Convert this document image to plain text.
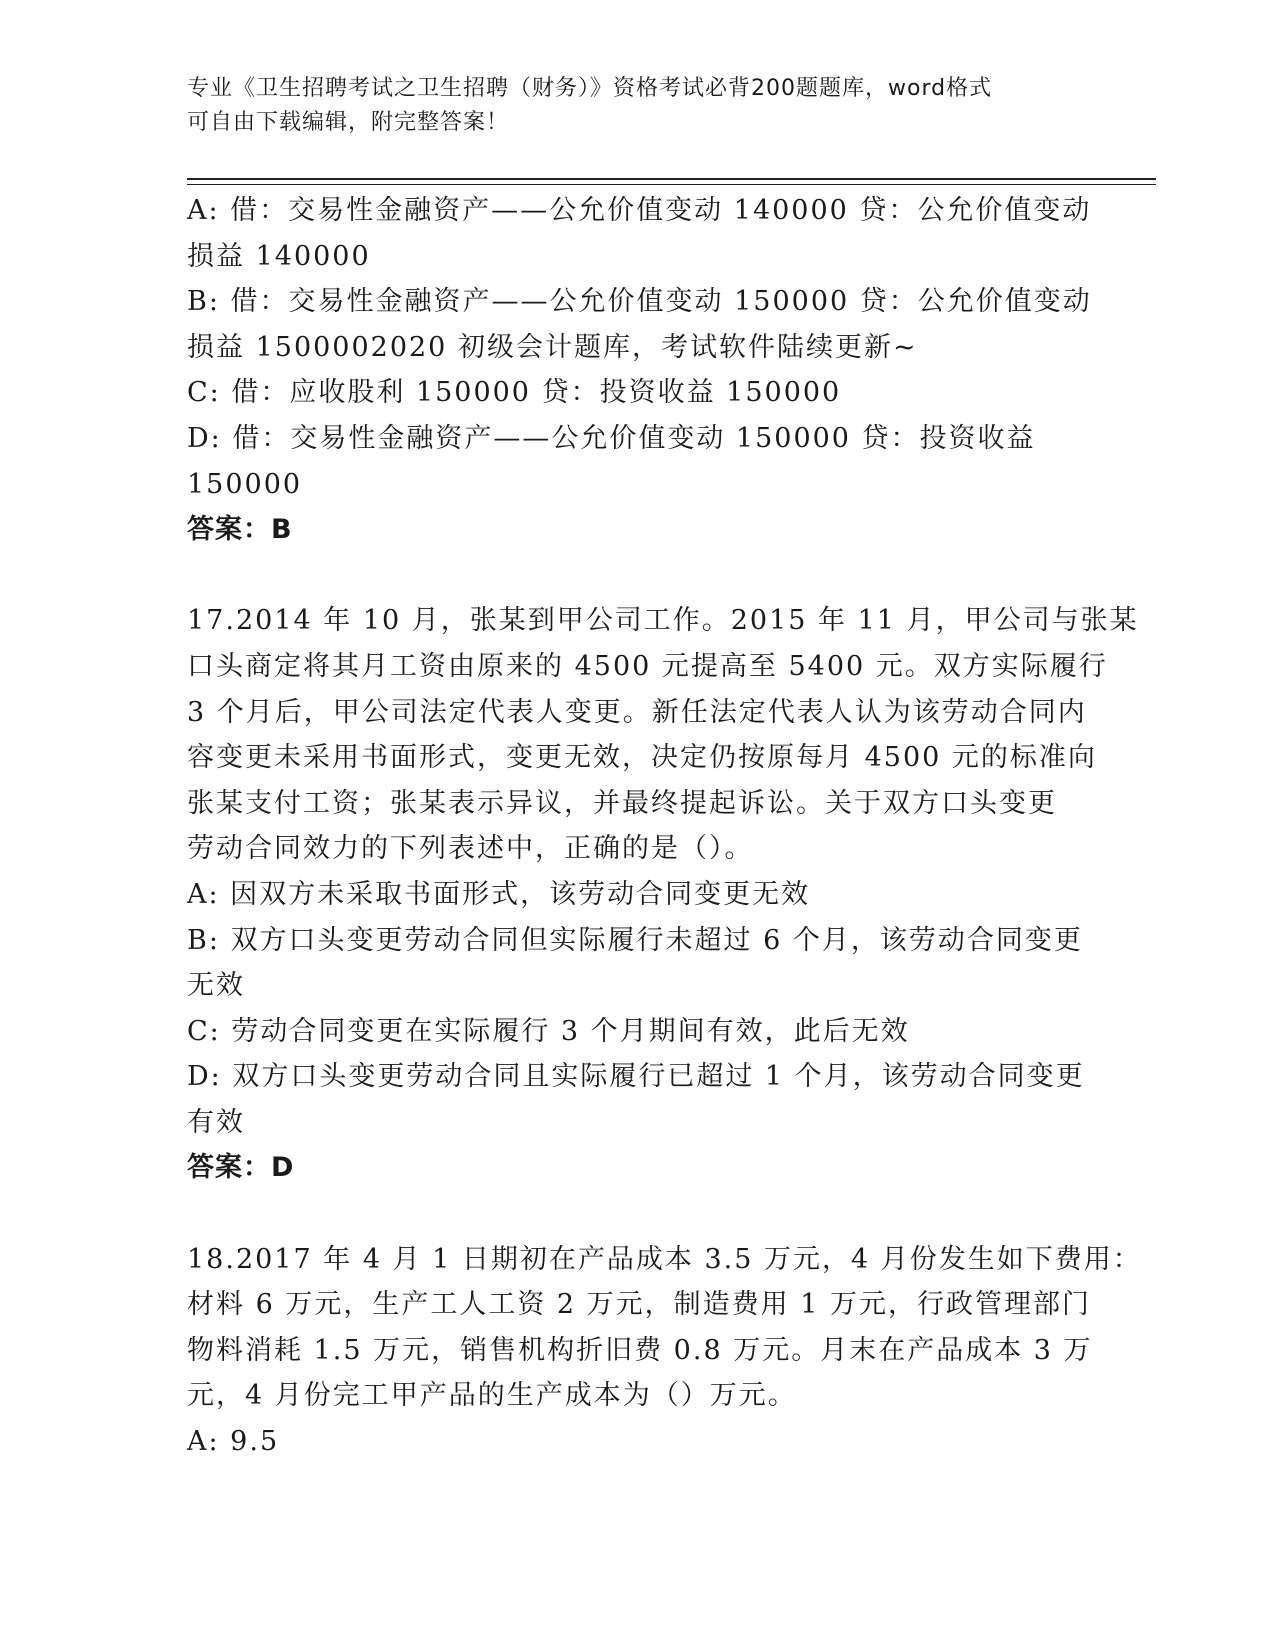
专业《卫生招聘考试之卫生招聘（财务）》资格考试必背200题题库，word格式
可自由下载编辑，附完整答案！
A: 借：交易性金融资产——公允价值变动 140000 贷：公允价值变动
损益 140000
B: 借：交易性金融资产——公允价值变动 150000 贷：公允价值变动
损益 1500002020 初级会计题库，考试软件陆续更新~
C: 借：应收股利 150000 贷：投资收益 150000
D: 借：交易性金融资产——公允价值变动 150000 贷：投资收益
150000
答案：B
17.2014 年 10 月，张某到甲公司工作。2015 年 11 月，甲公司与张某
口头商定将其月工资由原来的 4500 元提高至 5400 元。双方实际履行
3 个月后，甲公司法定代表人变更。新任法定代表人认为该劳动合同内
容变更未采用书面形式，变更无效，决定仍按原每月 4500 元的标准向
张某支付工资；张某表示异议，并最终提起诉讼。关于双方口头变更
劳动合同效力的下列表述中，正确的是（）。
A: 因双方未采取书面形式，该劳动合同变更无效
B: 双方口头变更劳动合同但实际履行未超过 6 个月，该劳动合同变更
无效
C: 劳动合同变更在实际履行 3 个月期间有效，此后无效
D: 双方口头变更劳动合同且实际履行已超过 1 个月，该劳动合同变更
有效
答案：D
18.2017 年 4 月 1 日期初在产品成本 3.5 万元，4 月份发生如下费用：
材料 6 万元，生产工人工资 2 万元，制造费用 1 万元，行政管理部门
物料消耗 1.5 万元，销售机构折旧费 0.8 万元。月末在产品成本 3 万
元，4 月份完工甲产品的生产成本为（）万元。
A: 9.5
